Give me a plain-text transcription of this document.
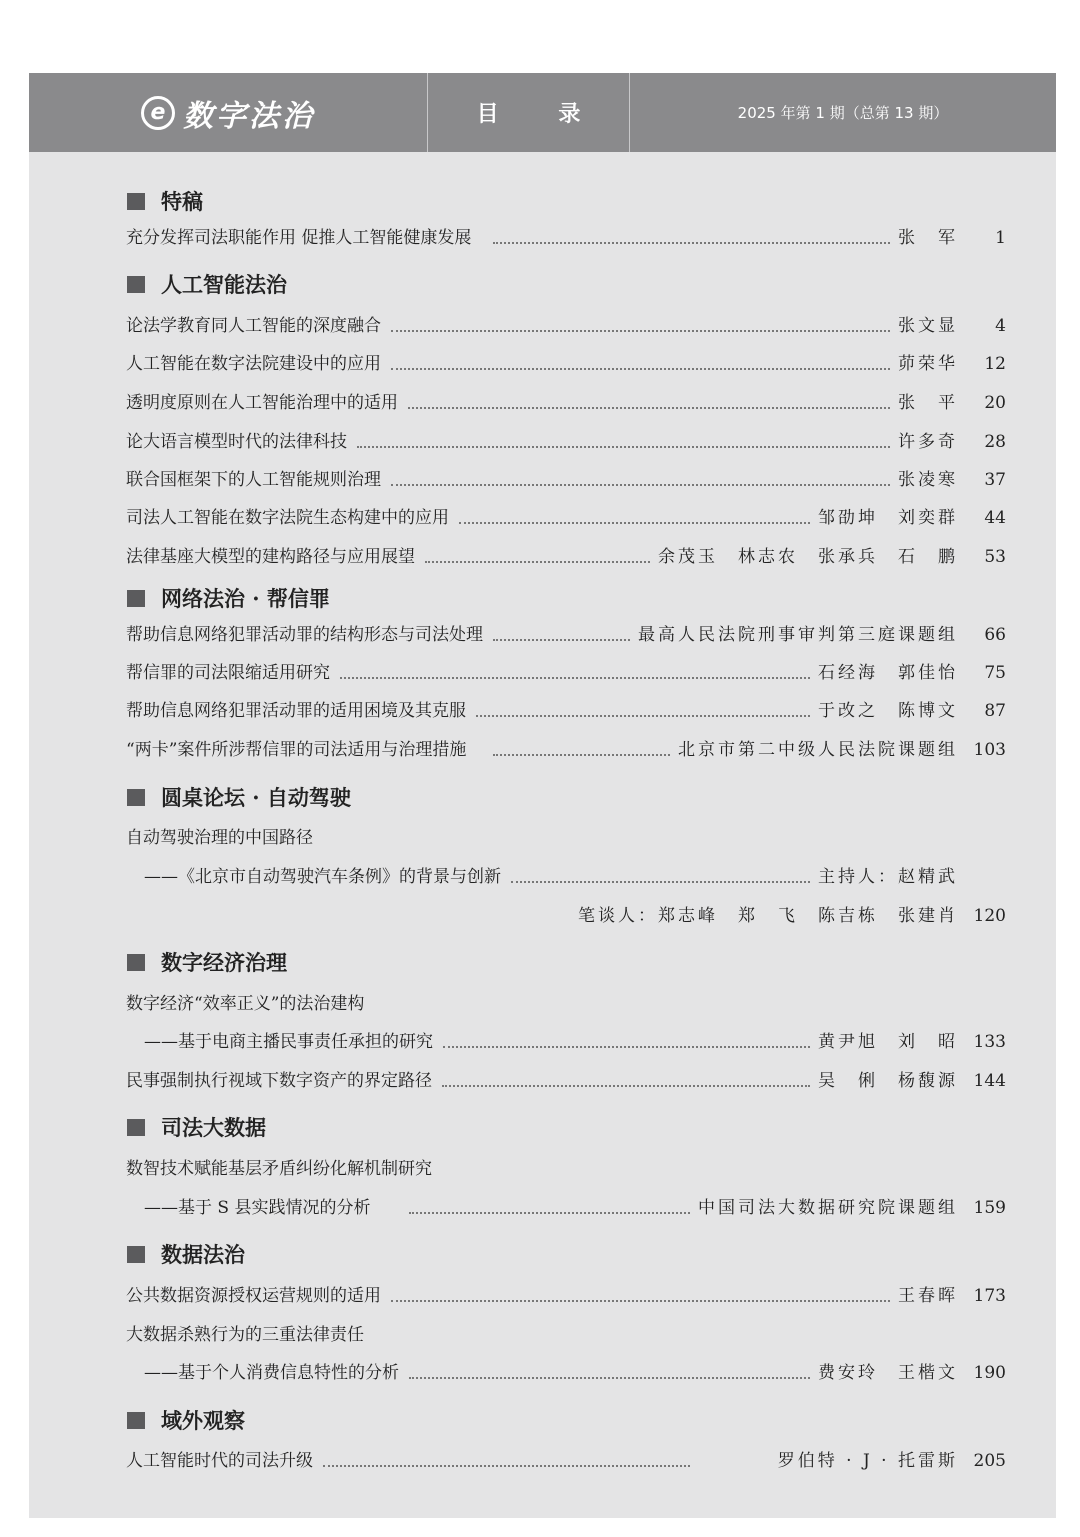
e 数字法治	目 录	2025 年第 1 期（总第 13 期）
特稿
充分发挥司法职能作用 促推人工智能健康发展	张　军 1
人工智能法治
论法学教育同人工智能的深度融合	张文显 4
人工智能在数字法院建设中的应用	茆荣华 12
透明度原则在人工智能治理中的适用	张　平 20
论大语言模型时代的法律科技	许多奇 28
联合国框架下的人工智能规则治理	张凌寒 37
司法人工智能在数字法院生态构建中的应用	邹劭坤　刘奕群 44
法律基座大模型的建构路径与应用展望	余茂玉　林志农　张承兵　石　鹏 53
网络法治 · 帮信罪
帮助信息网络犯罪活动罪的结构形态与司法处理	最高人民法院刑事审判第三庭课题组 66
帮信罪的司法限缩适用研究	石经海　郭佳怡 75
帮助信息网络犯罪活动罪的适用困境及其克服	于改之　陈博文 87
“两卡”案件所涉帮信罪的司法适用与治理措施	北京市第二中级人民法院课题组 103
圆桌论坛 · 自动驾驶
自动驾驶治理的中国路径
——《北京市自动驾驶汽车条例》的背景与创新	主持人：赵精武
笔谈人：郑志峰　郑　飞　陈吉栋　张建肖 120
数字经济治理
数字经济“效率正义”的法治建构
——基于电商主播民事责任承担的研究	黄尹旭　刘　昭 133
民事强制执行视域下数字资产的界定路径	吴　俐　杨馥源 144
司法大数据
数智技术赋能基层矛盾纠纷化解机制研究
——基于 S 县实践情况的分析	中国司法大数据研究院课题组 159
数据法治
公共数据资源授权运营规则的适用	王春晖 173
大数据杀熟行为的三重法律责任
——基于个人消费信息特性的分析	费安玲　王楷文 190
域外观察
人工智能时代的司法升级	罗伯特 · J · 托雷斯 205
